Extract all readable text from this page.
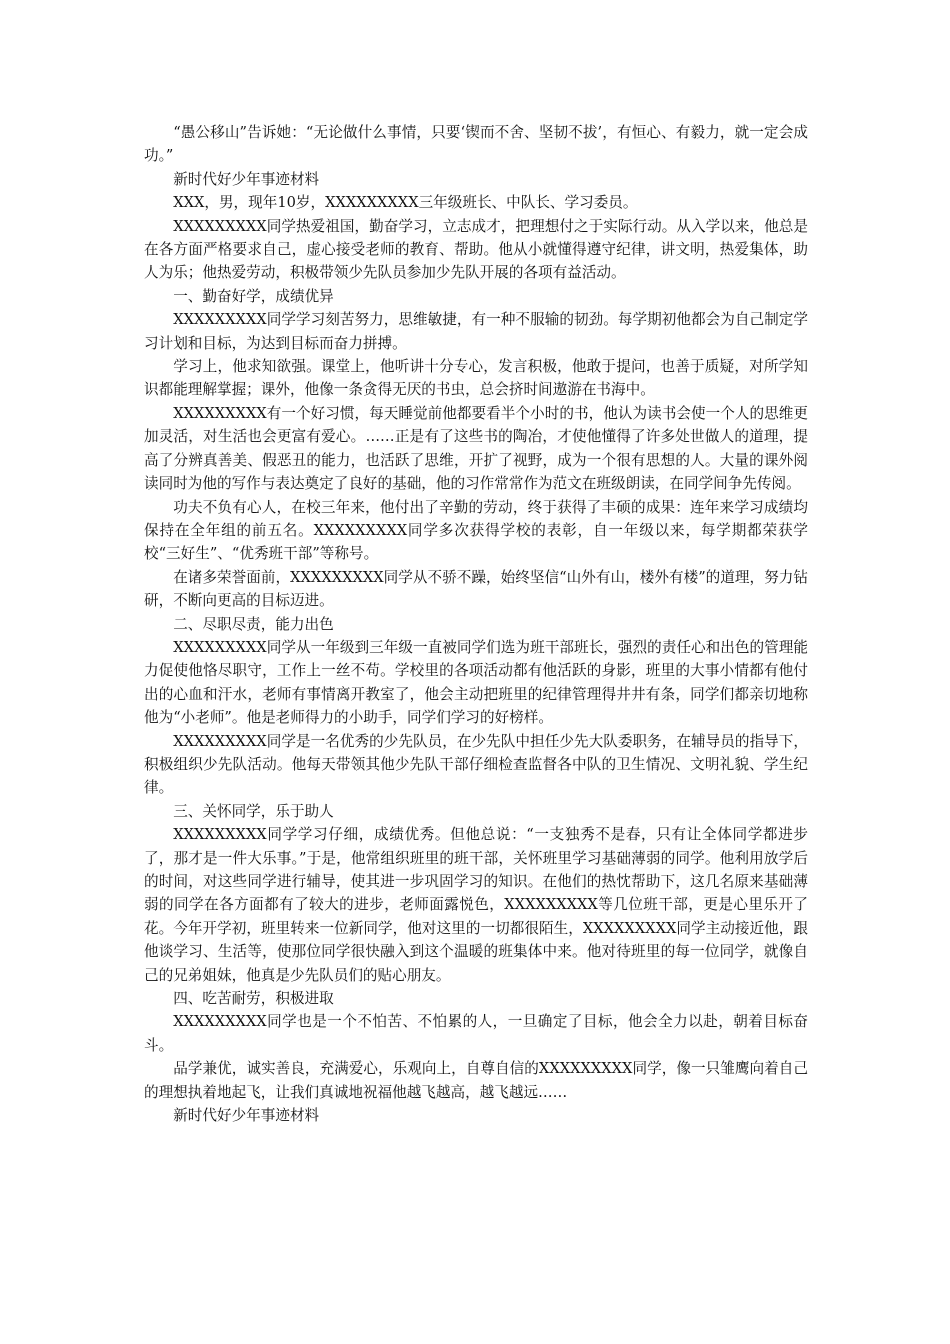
“愚公移山”告诉她：“无论做什么事情，只要‘锲而不舍、坚韧不拔’，有恒心、有毅力，就一定会成功。”

新时代好少年事迹材料

XXX，男，现年10岁，XXXXXXXXX三年级班长、中队长、学习委员。

XXXXXXXXX同学热爱祖国，勤奋学习，立志成才，把理想付之于实际行动。从入学以来，他总是在各方面严格要求自己，虚心接受老师的教育、帮助。他从小就懂得遵守纪律，讲文明，热爱集体，助人为乐；他热爱劳动，积极带领少先队员参加少先队开展的各项有益活动。

一、勤奋好学，成绩优异

XXXXXXXXX同学学习刻苦努力，思维敏捷，有一种不服输的韧劲。每学期初他都会为自己制定学习计划和目标，为达到目标而奋力拼搏。

学习上，他求知欲强。课堂上，他听讲十分专心，发言积极，他敢于提问，也善于质疑，对所学知识都能理解掌握；课外，他像一条贪得无厌的书虫，总会挤时间遨游在书海中。

XXXXXXXXX有一个好习惯，每天睡觉前他都要看半个小时的书，他认为读书会使一个人的思维更加灵活，对生活也会更富有爱心。……正是有了这些书的陶冶，才使他懂得了许多处世做人的道理，提高了分辨真善美、假恶丑的能力，也活跃了思维，开扩了视野，成为一个很有思想的人。大量的课外阅读同时为他的写作与表达奠定了良好的基础，他的习作常常作为范文在班级朗读，在同学间争先传阅。

功夫不负有心人，在校三年来，他付出了辛勤的劳动，终于获得了丰硕的成果：连年来学习成绩均保持在全年组的前五名。XXXXXXXXX同学多次获得学校的表彰，自一年级以来，每学期都荣获学校“三好生”、“优秀班干部”等称号。

在诸多荣誉面前，XXXXXXXXX同学从不骄不躁，始终坚信“山外有山，楼外有楼”的道理，努力钻研，不断向更高的目标迈进。

二、尽职尽责，能力出色

XXXXXXXXX同学从一年级到三年级一直被同学们选为班干部班长，强烈的责任心和出色的管理能力促使他恪尽职守，工作上一丝不苟。学校里的各项活动都有他活跃的身影，班里的大事小情都有他付出的心血和汗水，老师有事情离开教室了，他会主动把班里的纪律管理得井井有条，同学们都亲切地称他为“小老师”。他是老师得力的小助手，同学们学习的好榜样。

XXXXXXXXX同学是一名优秀的少先队员，在少先队中担任少先大队委职务，在辅导员的指导下，积极组织少先队活动。他每天带领其他少先队干部仔细检查监督各中队的卫生情况、文明礼貌、学生纪律。

三、关怀同学，乐于助人

XXXXXXXXX同学学习仔细，成绩优秀。但他总说：“一支独秀不是春，只有让全体同学都进步了，那才是一件大乐事。”于是，他常组织班里的班干部，关怀班里学习基础薄弱的同学。他利用放学后的时间，对这些同学进行辅导，使其进一步巩固学习的知识。在他们的热忱帮助下，这几名原来基础薄弱的同学在各方面都有了较大的进步，老师面露悦色，XXXXXXXXX等几位班干部，更是心里乐开了花。今年开学初，班里转来一位新同学，他对这里的一切都很陌生，XXXXXXXXX同学主动接近他，跟他谈学习、生活等，使那位同学很快融入到这个温暖的班集体中来。他对待班里的每一位同学，就像自己的兄弟姐妹，他真是少先队员们的贴心朋友。

四、吃苦耐劳，积极进取

XXXXXXXXX同学也是一个不怕苦、不怕累的人，一旦确定了目标，他会全力以赴，朝着目标奋斗。

品学兼优，诚实善良，充满爱心，乐观向上，自尊自信的XXXXXXXXX同学，像一只雏鹰向着自己的理想执着地起飞，让我们真诚地祝福他越飞越高，越飞越远……

新时代好少年事迹材料
